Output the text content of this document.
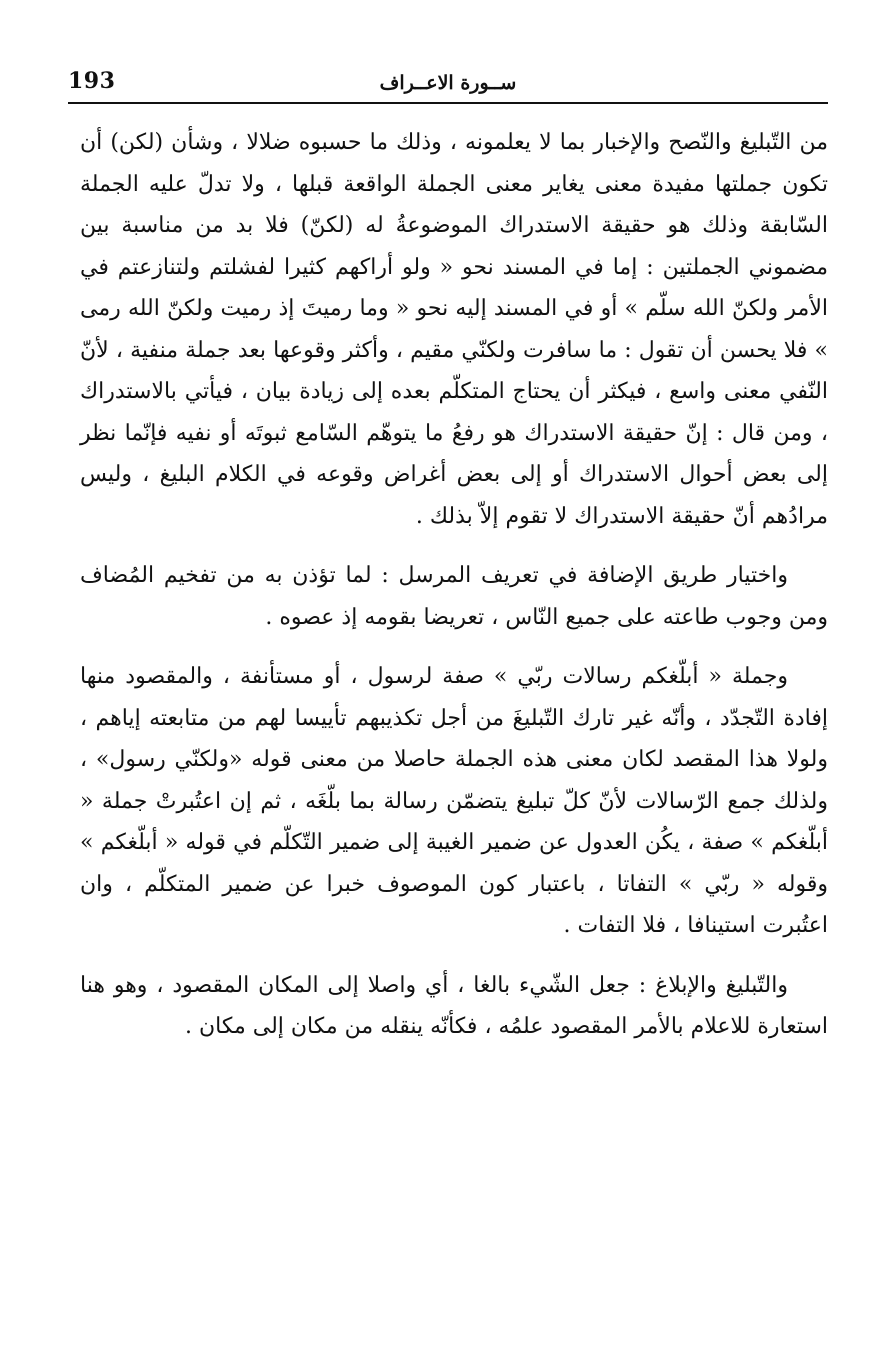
193	ســورة الاعــراف

من التّبليغ والنّصح والإخبار بما لا يعلمونه ، وذلك ما حسبوه ضلالا ، وشأن (لكن) أن تكون جملتها مفيدة معنى يغاير معنى الجملة الواقعة قبلها ، ولا تدلّ عليه الجملة السّابقة وذلك هو حقيقة الاستدراك الموضوعةُ له (لكنّ) فلا بد من مناسبة بين مضموني الجملتين : إما في المسند نحو « ولو أراكهم كثيرا لفشلتم ولتنازعتم في الأمر ولكنّ الله سلّم » أو في المسند إليه نحو « وما رميتَ إذ رميت ولكنّ الله رمى » فلا يحسن أن تقول : ما سافرت ولكنّي مقيم ، وأكثر وقوعها بعد جملة منفية ، لأنّ النّفي معنى واسع ، فيكثر أن يحتاج المتكلّم بعده إلى زيادة بيان ، فيأتي بالاستدراك ، ومن قال : إنّ حقيقة الاستدراك هو رفعُ ما يتوهّم السّامع ثبوتَه أو نفيه فإنّما نظر إلى بعض أحوال الاستدراك أو إلى بعض أغراض وقوعه في الكلام البليغ ، وليس مرادُهم أنّ حقيقة الاستدراك لا تقوم إلاّ بذلك .

واختيار طريق الإضافة في تعريف المرسل : لما تؤذن به من تفخيم المُضاف ومن وجوب طاعته على جميع النّاس ، تعريضا بقومه إذ عصوه .

وجملة « أبلّغكم رسالات ربّي » صفة لرسول ، أو مستأنفة ، والمقصود منها إفادة التّجدّد ، وأنّه غير تارك التّبليغَ من أجل تكذيبهم تأييسا لهم من متابعته إياهم ، ولولا هذا المقصد لكان معنى هذه الجملة حاصلا من معنى قوله «ولكنّي رسول» ، ولذلك جمع الرّسالات لأنّ كلّ تبليغ يتضمّن رسالة بما بلّغَه ، ثم إن اعتُبرتْ جملة « أبلّغكم » صفة ، يكُن العدول عن ضمير الغيبة إلى ضمير التّكلّم في قوله « أبلّغكم » وقوله « ربّي » التفاتا ، باعتبار كون الموصوف خبرا عن ضمير المتكلّم ، وان اعتُبرت استينافا ، فلا التفات .

والتّبليغ والإبلاغ : جعل الشّيء بالغا ، أي واصلا إلى المكان المقصود ، وهو هنا استعارة للاعلام بالأمر المقصود علمُه ، فكأنّه ينقله من مكان إلى مكان .
